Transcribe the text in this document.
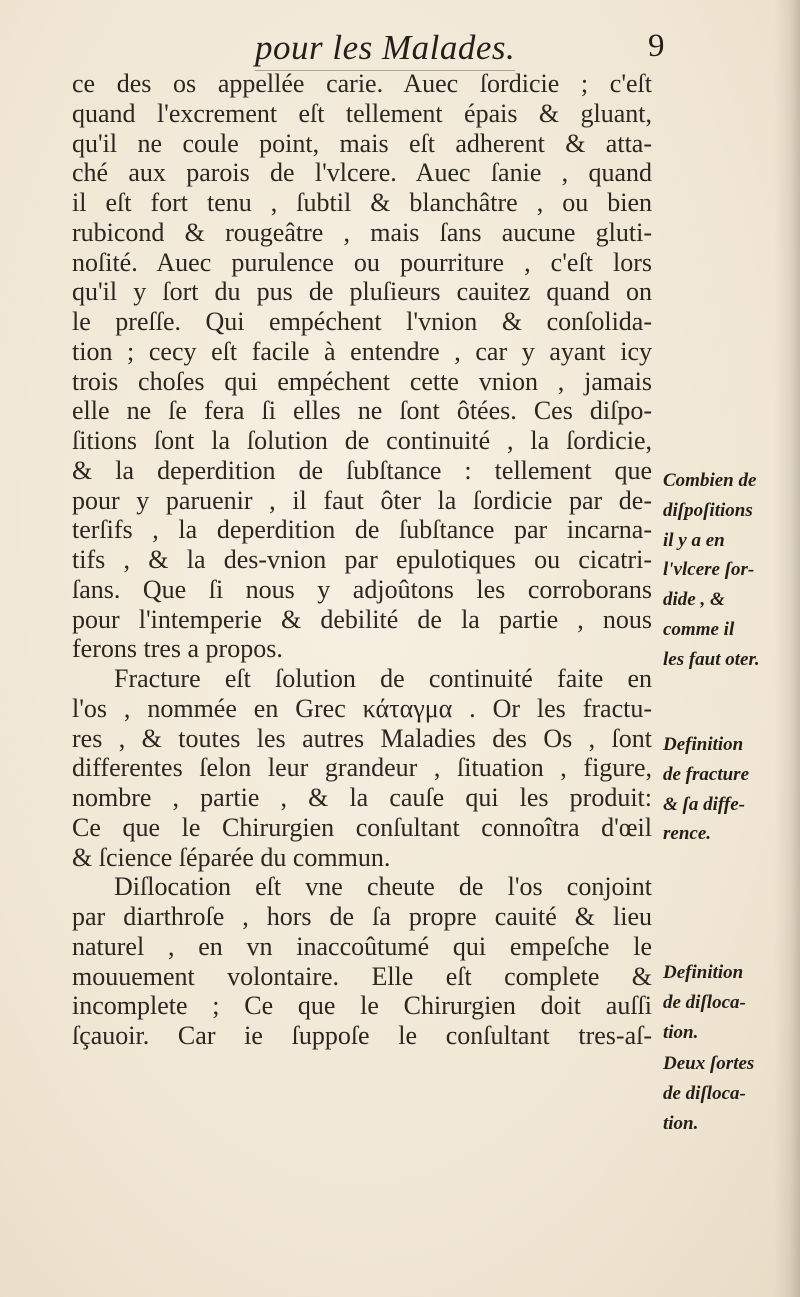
pour les Malades.	9
ce des os appellée carie. Auec ſordicie ; c'eſt
quand l'excrement eſt tellement épais & gluant,
qu'il ne coule point, mais eſt adherent & atta-
ché aux parois de l'vlcere. Auec ſanie , quand
il eſt fort tenu , ſubtil & blanchâtre , ou bien
rubicond & rougeâtre , mais ſans aucune gluti-
noſité. Auec purulence ou pourriture , c'eſt lors
qu'il y ſort du pus de pluſieurs cauitez quand on
le preſſe. Qui empéchent l'vnion & conſolida-
tion ; cecy eſt facile à entendre , car y ayant icy
trois choſes qui empéchent cette vnion , jamais
elle ne ſe fera ſi elles ne ſont ôtées. Ces diſpo-
ſitions ſont la ſolution de continuité , la ſordicie,
& la deperdition de ſubſtance : tellement que
pour y paruenir , il faut ôter la ſordicie par de-
terſifs , la deperdition de ſubſtance par incarna-
tifs , & la des-vnion par epulotiques ou cicatri-
ſans. Que ſi nous y adjoûtons les corroborans
pour l'intemperie & debilité de la partie , nous
ferons tres a propos.
Fracture eſt ſolution de continuité faite en
l'os , nommée en Grec κάταγμα . Or les fractu-
res , & toutes les autres Maladies des Os , ſont
differentes ſelon leur grandeur , ſituation , figure,
nombre , partie , & la cauſe qui les produit:
Ce que le Chirurgien conſultant connoîtra d'œil
& ſcience ſéparée du commun.
Diſlocation eſt vne cheute de l'os conjoint
par diarthroſe , hors de ſa propre cauité & lieu
naturel , en vn inaccoûtumé qui empeſche le
mouuement volontaire. Elle eſt complete &
incomplete ; Ce que le Chirurgien doit auſſi
ſçauoir. Car ie ſuppoſe le conſultant tres-aſ-
Combien de
diſpoſitions
il y a en
l'vlcere ſor-
dide , &
comme il
les faut oter.
Definition
de fracture
& ſa diffe-
rence.
Definition
de diſloca-
tion.
Deux ſortes
de diſloca-
tion.
